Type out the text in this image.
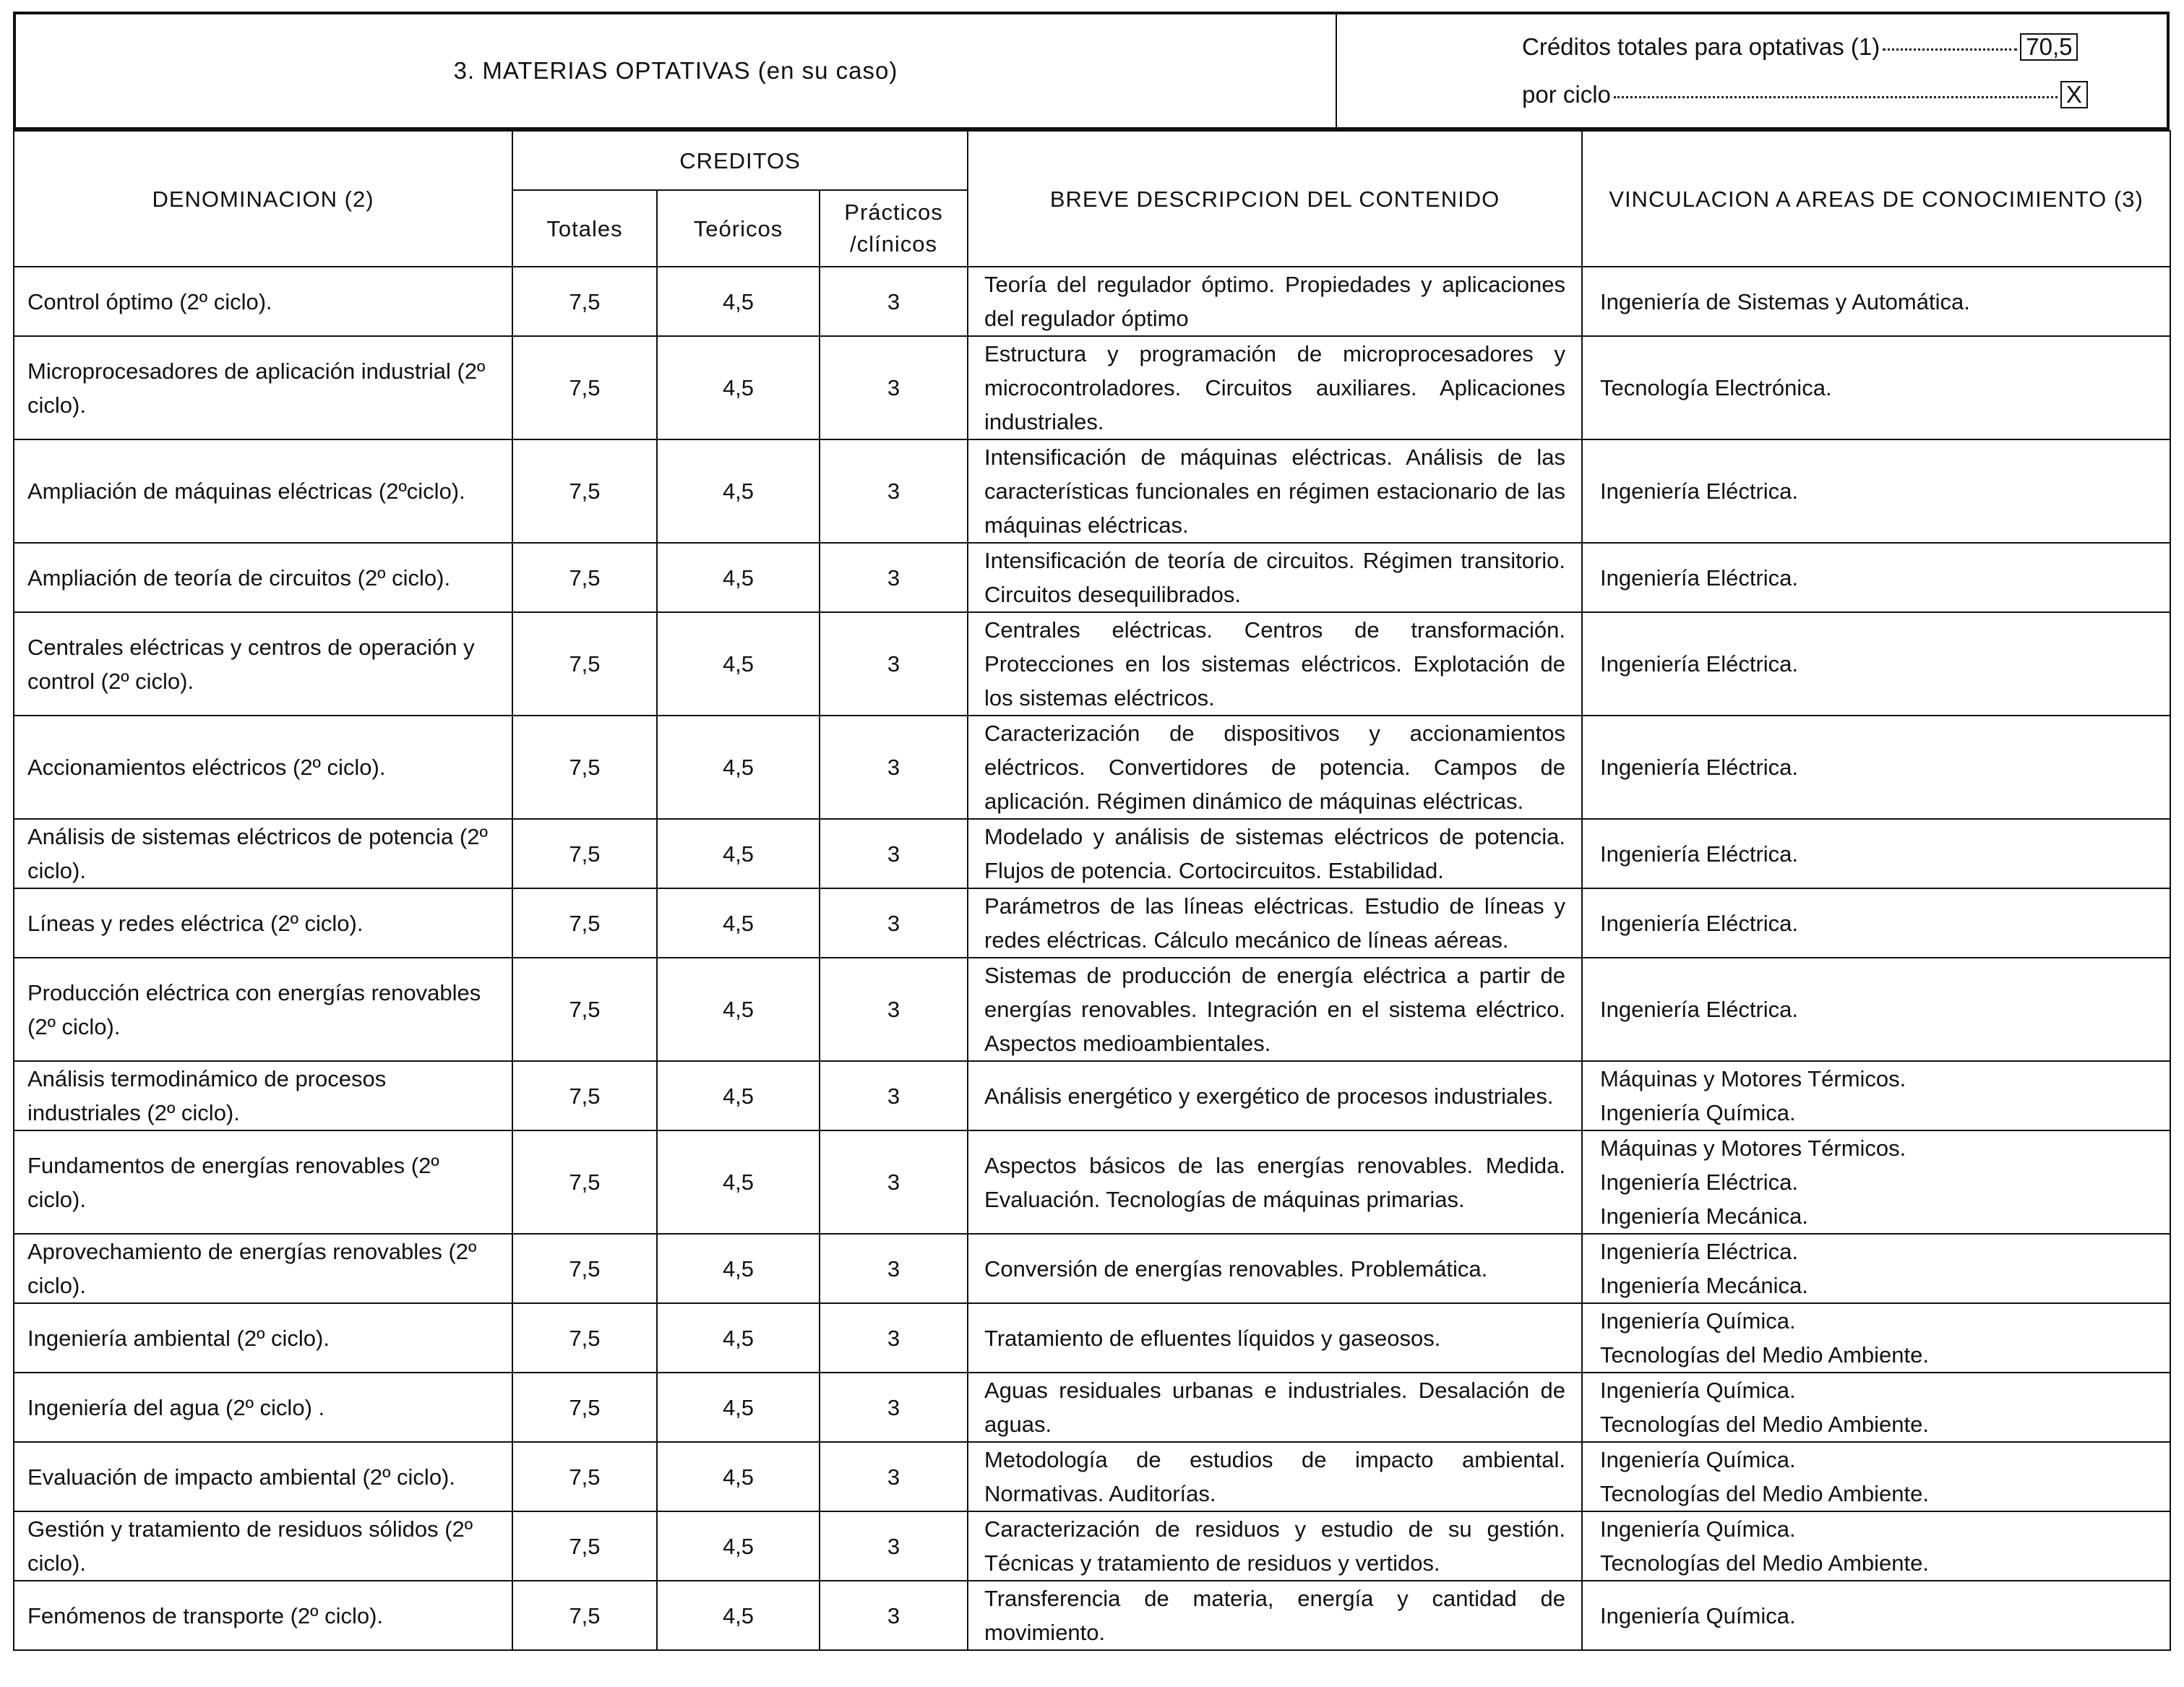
3. MATERIAS OPTATIVAS (en su caso)
Créditos totales para optativas (1)	70,5
por ciclo	X
DENOMINACION (2)	CREDITOS			BREVE DESCRIPCION DEL CONTENIDO	VINCULACION A AREAS DE CONOCIMIENTO (3)
	Totales	Teóricos	Prácticos /clínicos		
Control óptimo (2º ciclo).	7,5	4,5	3	Teoría del regulador óptimo. Propiedades y aplicaciones del regulador óptimo	Ingeniería de Sistemas y Automática.
Microprocesadores de aplicación industrial (2º ciclo).	7,5	4,5	3	Estructura y programación de microprocesadores y microcontroladores. Circuitos auxiliares. Aplicaciones industriales.	Tecnología Electrónica.
Ampliación de máquinas eléctricas (2ºciclo).	7,5	4,5	3	Intensificación de máquinas eléctricas. Análisis de las características funcionales en régimen estacionario de las máquinas eléctricas.	Ingeniería Eléctrica.
Ampliación de teoría de circuitos (2º ciclo).	7,5	4,5	3	Intensificación de teoría de circuitos. Régimen transitorio. Circuitos desequilibrados.	Ingeniería Eléctrica.
Centrales eléctricas y centros de operación y control (2º ciclo).	7,5	4,5	3	Centrales eléctricas. Centros de transformación. Protecciones en los sistemas eléctricos. Explotación de los sistemas eléctricos.	Ingeniería Eléctrica.
Accionamientos eléctricos (2º ciclo).	7,5	4,5	3	Caracterización de dispositivos y accionamientos eléctricos. Convertidores de potencia. Campos de aplicación. Régimen dinámico de máquinas eléctricas.	Ingeniería Eléctrica.
Análisis de sistemas eléctricos de potencia (2º ciclo).	7,5	4,5	3	Modelado y análisis de sistemas eléctricos de potencia. Flujos de potencia. Cortocircuitos. Estabilidad.	Ingeniería Eléctrica.
Líneas y redes eléctrica (2º ciclo).	7,5	4,5	3	Parámetros de las líneas eléctricas. Estudio de líneas y redes eléctricas. Cálculo mecánico de líneas aéreas.	Ingeniería Eléctrica.
Producción eléctrica con energías renovables (2º ciclo).	7,5	4,5	3	Sistemas de producción de energía eléctrica a partir de energías renovables. Integración en el sistema eléctrico. Aspectos medioambientales.	Ingeniería Eléctrica.
Análisis termodinámico de procesos industriales (2º ciclo).	7,5	4,5	3	Análisis energético y exergético de procesos industriales.	Máquinas y Motores Térmicos.
Ingeniería Química.
Fundamentos de energías renovables (2º ciclo).	7,5	4,5	3	Aspectos básicos de las energías renovables. Medida. Evaluación. Tecnologías de máquinas primarias.	Máquinas y Motores Térmicos.
Ingeniería Eléctrica.
Ingeniería Mecánica.
Aprovechamiento de energías renovables (2º ciclo).	7,5	4,5	3	Conversión de energías renovables. Problemática.	Ingeniería Eléctrica.
Ingeniería Mecánica.
Ingeniería ambiental (2º ciclo).	7,5	4,5	3	Tratamiento de efluentes líquidos y gaseosos.	Ingeniería Química.
Tecnologías del Medio Ambiente.
Ingeniería del agua (2º ciclo) .	7,5	4,5	3	Aguas residuales urbanas e industriales. Desalación de aguas.	Ingeniería Química.
Tecnologías del Medio Ambiente.
Evaluación de impacto ambiental (2º ciclo).	7,5	4,5	3	Metodología de estudios de impacto ambiental. Normativas. Auditorías.	Ingeniería Química.
Tecnologías del Medio Ambiente.
Gestión y tratamiento de residuos sólidos (2º ciclo).	7,5	4,5	3	Caracterización de residuos y estudio de su gestión. Técnicas y tratamiento de residuos y vertidos.	Ingeniería Química.
Tecnologías del Medio Ambiente.
Fenómenos de transporte (2º ciclo).	7,5	4,5	3	Transferencia de materia, energía y cantidad de movimiento.	Ingeniería Química.
